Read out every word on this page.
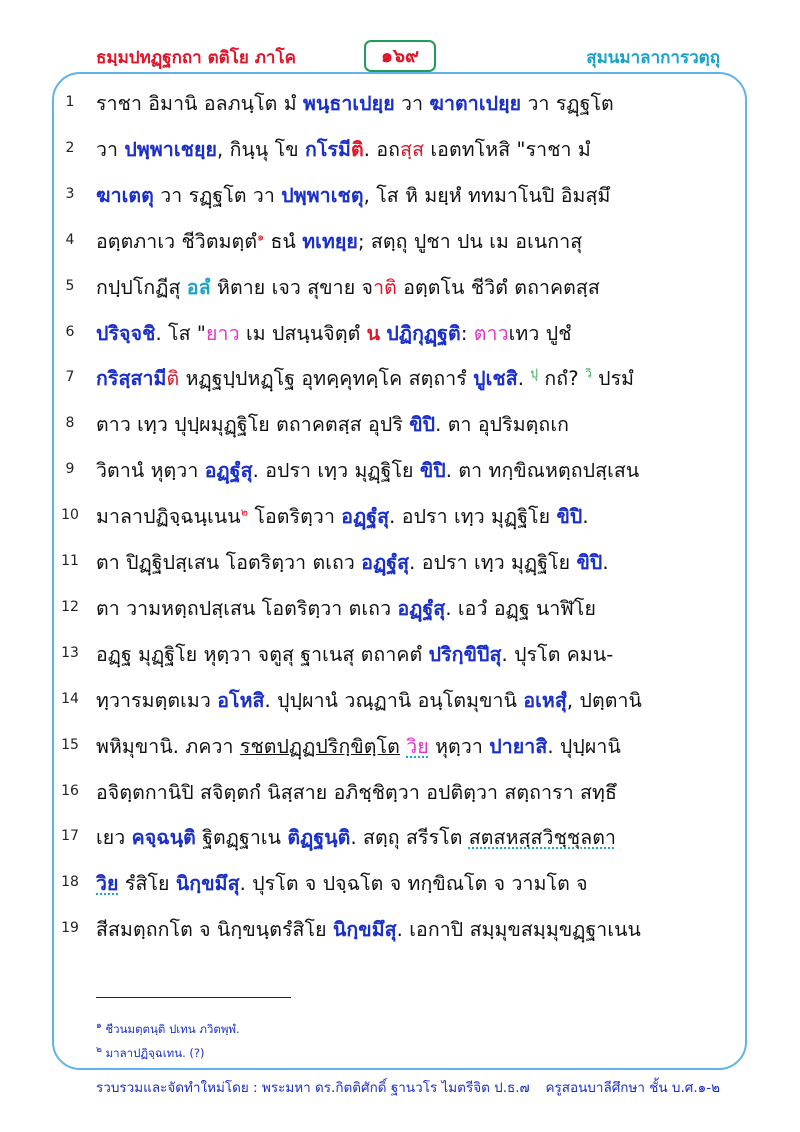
ธมฺมปทฏฺฐกถา ตติโย ภาโค	๑๖๙	สุมนมาลาการวตฺถุ
1	ราชา อิมานิ อลภนฺโต มํ พนฺธาเปยฺย วา ฆาตาเปยฺย วา รฏฺฐโต
2	วา ปพฺพาเชยฺย, กินฺนุ โข กโรมีติ. อถสฺส เอตทโหสิ "ราชา มํ
3	ฆาเตตุ วา รฏฺฐโต วา ปพฺพาเชตุ, โส หิ มยฺหํ ททมาโนปิ อิมสฺมึ
4	อตฺตภาเว ชีวิตมตฺตํ$^๑$ ธนํ ทเทยฺย; สตฺถุ ปูชา ปน เม อเนกาสุ
5	กปฺปโกฏีสุ อลํ หิตาย เจว สุขาย จาติ อตฺตโน ชีวิตํ ตถาคตสฺส
6	ปริจฺจชิ. โส "ยาว เม ปสนฺนจิตฺตํ น ปฏิกุฏฺฐติ: ตาวเทว ปูชํ
7	กริสฺสามีติ หฏฺฐปฺปหฏฺโฐ อุทคฺคุทคฺโค สตฺถารํ ปูเชสิ. $^{ปุ}$ กถํ? $^{วิ}$ ปรมํ
8	ตาว เทฺว ปุปฺผมุฏฺฐิโย ตถาคตสฺส อุปริ ขิปิ. ตา อุปริมตฺถเก
9	วิตานํ หุตฺวา อฏฺฐํสุ. อปรา เทฺว มุฏฺฐิโย ขิปิ. ตา ทกฺขิณหตฺถปสฺเสน
10 มาลาปฏิจฺฉนฺเนน$^๒$ โอตริตฺวา อฏฺฐํสุ. อปรา เทฺว มุฏฺฐิโย ขิปิ.
11 ตา ปิฏฺฐิปสฺเสน โอตริตฺวา ตเถว อฏฺฐํสุ. อปรา เทฺว มุฏฺฐิโย ขิปิ.
12 ตา วามหตฺถปสฺเสน โอตริตฺวา ตเถว อฏฺฐํสุ. เอวํ อฏฺฐ นาฬิโย
13 อฏฺฐ มุฏฺฐิโย หุตฺวา จตูสุ ฐาเนสุ ตถาคตํ ปริกฺขิปึสุ. ปุรโต คมน-
14 ทฺวารมตฺตเมว อโหสิ. ปุปฺผานํ วณฺฏานิ อนฺโตมุขานิ อเหสุํ, ปตฺตานิ
15 พหิมุขานิ. ภควา รชตปฏฺฏปริกฺขิตฺโต วิย หุตฺวา ปายาสิ. ปุปฺผานิ
16 อจิตฺตกานิปิ สจิตฺตกํ นิสฺสาย อภิชฺชิตฺวา อปติตฺวา สตฺถารา สทฺธึ
17 เยว คจฺฉนฺติ ฐิตฏฺฐาเน ติฏฺฐนฺติ. สตฺถุ สรีรโต สตสหสฺสวิชฺชุลตา
18 วิย รํสิโย นิกฺขมึสุ. ปุรโต จ ปจฺฉโต จ ทกฺขิณโต จ วามโต จ
19 สีสมตฺถกโต จ นิกฺขนฺตรํสิโย นิกฺขมึสุ. เอกาปิ สมฺมุขสมฺมุขฏฺฐาเนน
$^๑$ ชีวนมตฺตนฺติ ปเทน ภวิตพฺพํ.
$^๒$ มาลาปฏิจฺฉเทน. (?)
รวบรวมและจัดทำใหม่โดย : พระมหา ดร.กิตติศักดิ์ ฐานวโร ไมตรีจิต ป.ธ.๗ ครูสอนบาลีศึกษา ชั้น บ.ศ.๑-๒
